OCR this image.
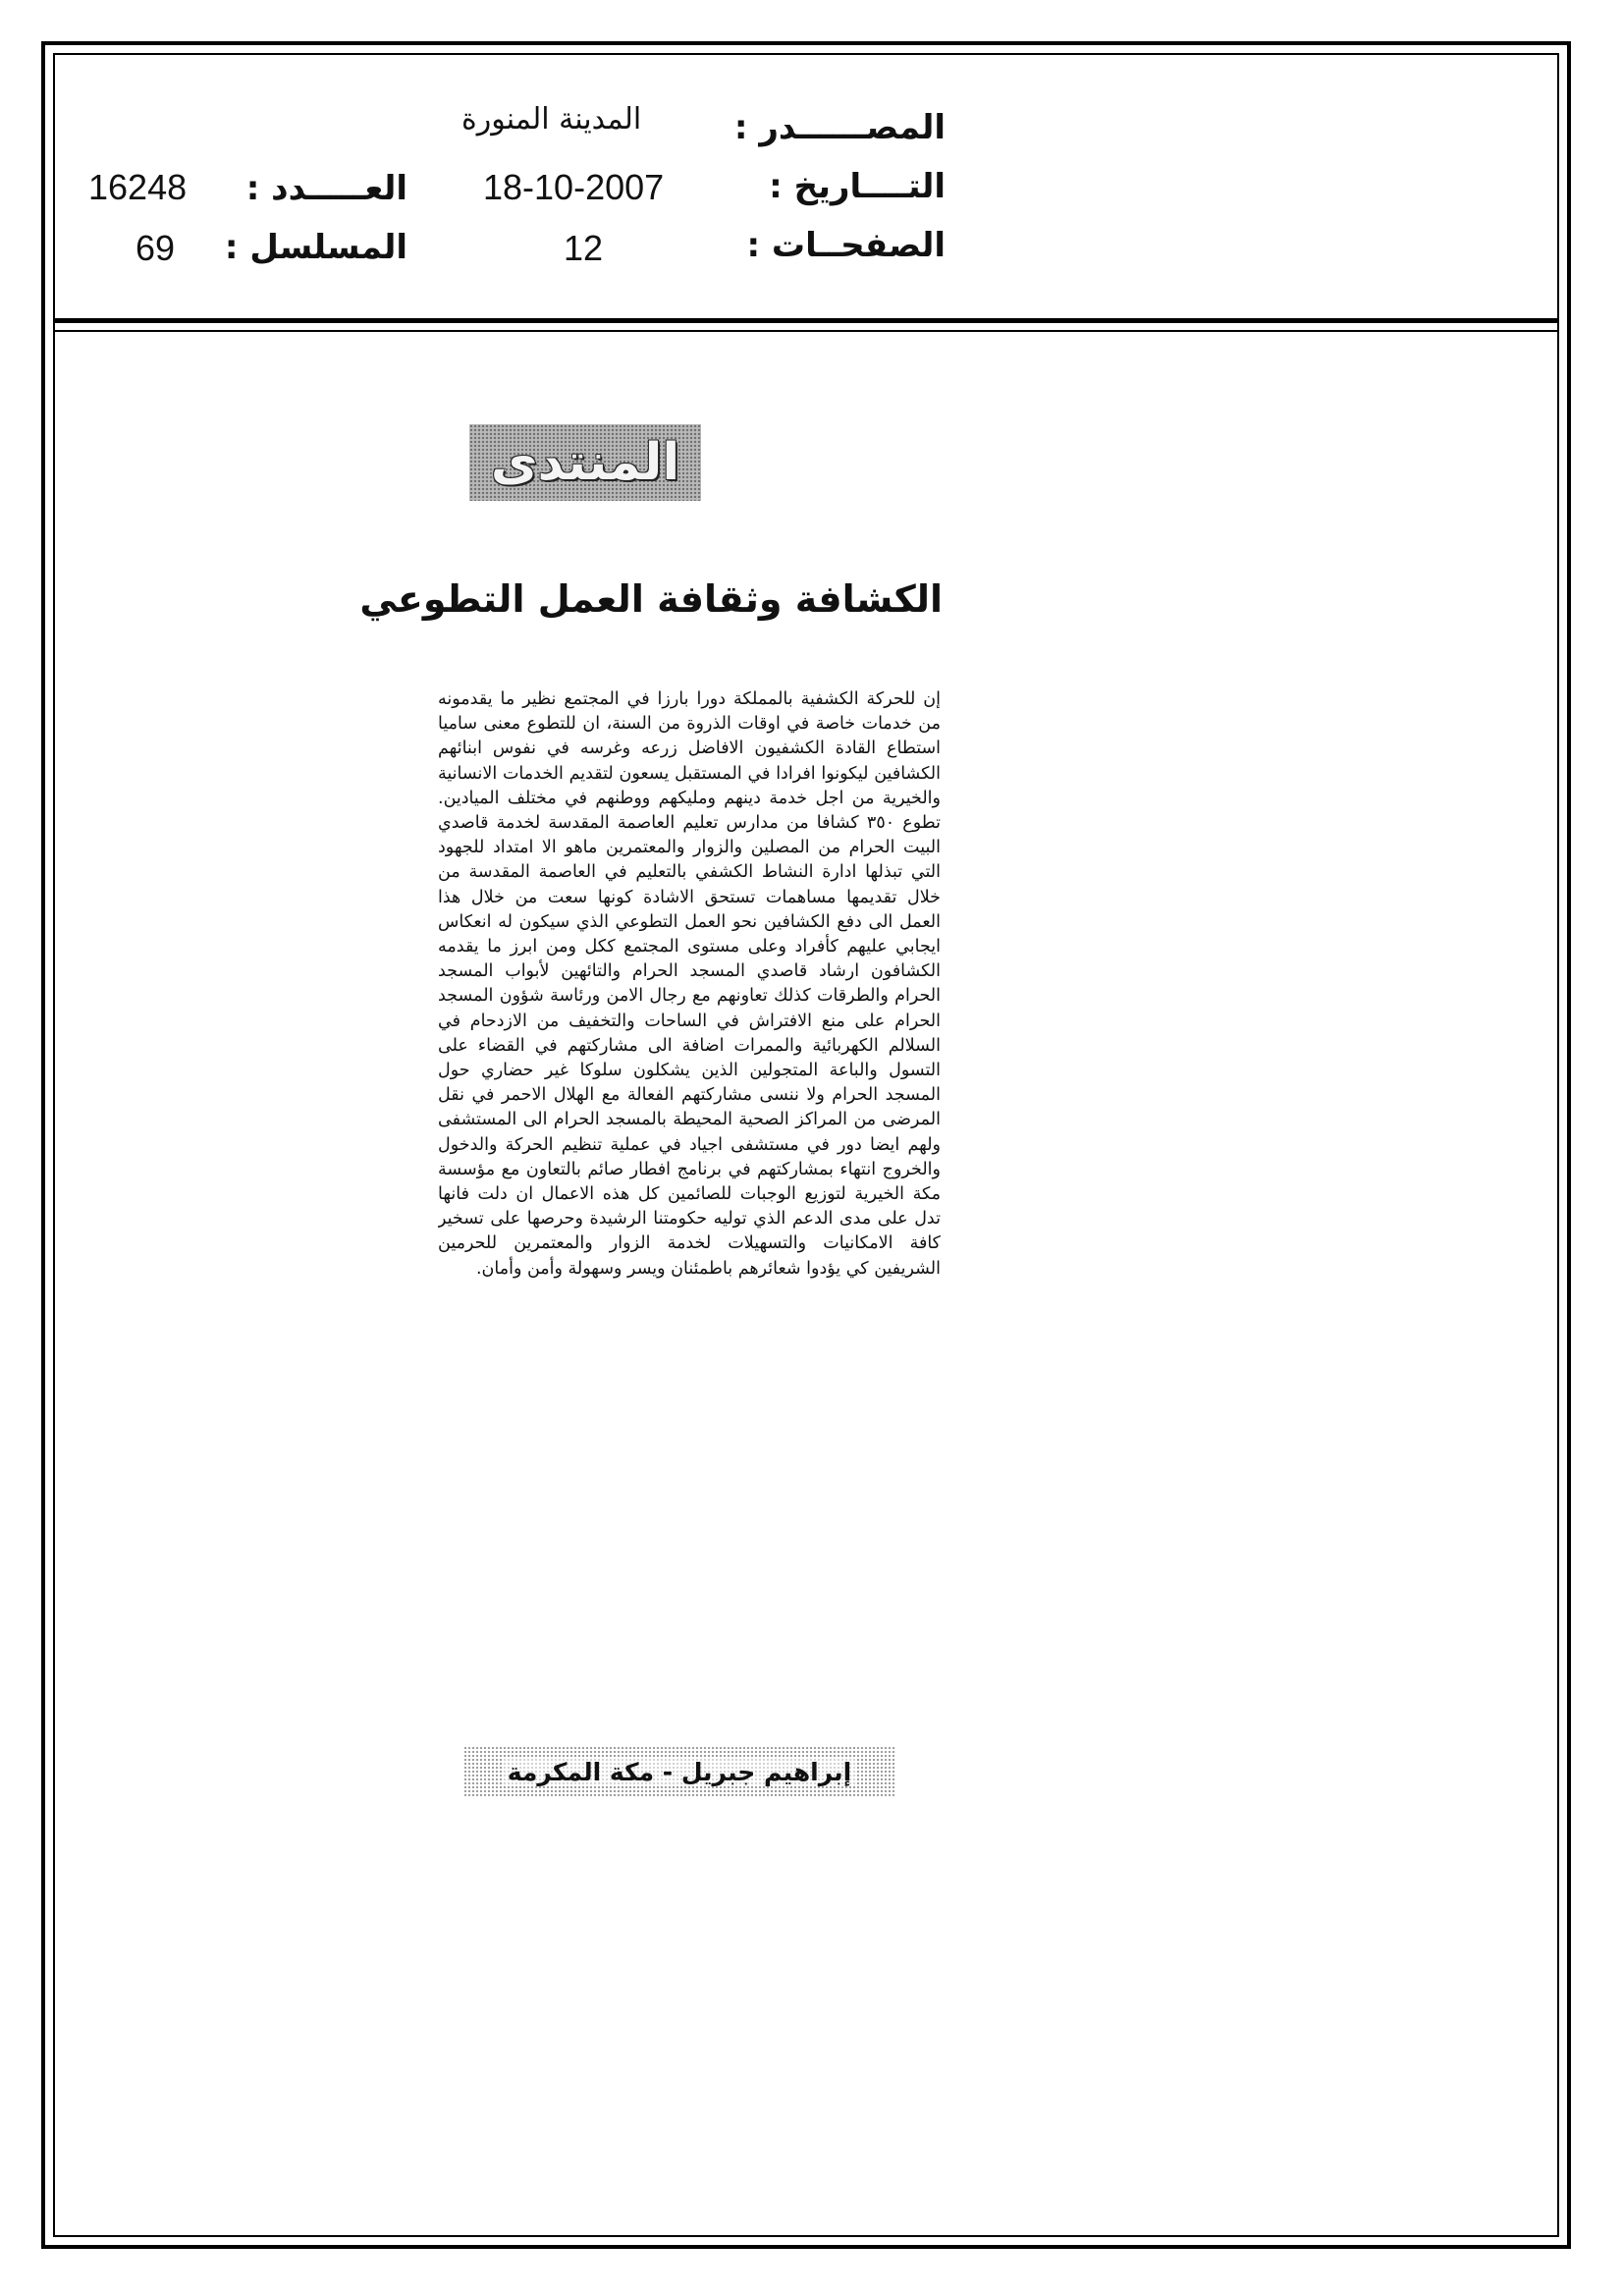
المصــــــدر :
المدينة المنورة
التــــاريخ :
18-10-2007
العـــــدد :
16248
الصفحــات :
12
المسلسل :
69
المنتدى
الكشافة وثقافة العمل التطوعي
إن للحركة الكشفية بالمملكة دورا بارزا في المجتمع نظير ما يقدمونه من خدمات خاصة في اوقات الذروة من السنة، ان للتطوع معنى ساميا استطاع القادة الكشفيون الافاضل زرعه وغرسه في نفوس ابنائهم الكشافين ليكونوا افرادا في المستقبل يسعون لتقديم الخدمات الانسانية والخيرية من اجل خدمة دينهم ومليكهم ووطنهم في مختلف الميادين. تطوع ٣٥٠ كشافا من مدارس تعليم العاصمة المقدسة لخدمة قاصدي البيت الحرام من المصلين والزوار والمعتمرين ماهو الا امتداد للجهود التي تبذلها ادارة النشاط الكشفي بالتعليم في العاصمة المقدسة من خلال تقديمها مساهمات تستحق الاشادة كونها سعت من خلال هذا العمل الى دفع الكشافين نحو العمل التطوعي الذي سيكون له انعكاس ايجابي عليهم كأفراد وعلى مستوى المجتمع ككل ومن ابرز ما يقدمه الكشافون ارشاد قاصدي المسجد الحرام والتائهين لأبواب المسجد الحرام والطرقات كذلك تعاونهم مع رجال الامن ورئاسة شؤون المسجد الحرام على منع الافتراش في الساحات والتخفيف من الازدحام في السلالم الكهربائية والممرات اضافة الى مشاركتهم في القضاء على التسول والباعة المتجولين الذين يشكلون سلوكا غير حضاري حول المسجد الحرام ولا ننسى مشاركتهم الفعالة مع الهلال الاحمر في نقل المرضى من المراكز الصحية المحيطة بالمسجد الحرام الى المستشفى ولهم ايضا دور في مستشفى اجياد في عملية تنظيم الحركة والدخول والخروج انتهاء بمشاركتهم في برنامج افطار صائم بالتعاون مع مؤسسة مكة الخيرية لتوزيع الوجبات للصائمين كل هذه الاعمال ان دلت فانها تدل على مدى الدعم الذي توليه حكومتنا الرشيدة وحرصها على تسخير كافة الامكانيات والتسهيلات لخدمة الزوار والمعتمرين للحرمين الشريفين كي يؤدوا شعائرهم باطمئنان ويسر وسهولة وأمن وأمان.
إبراهيم جبريل - مكة المكرمة
